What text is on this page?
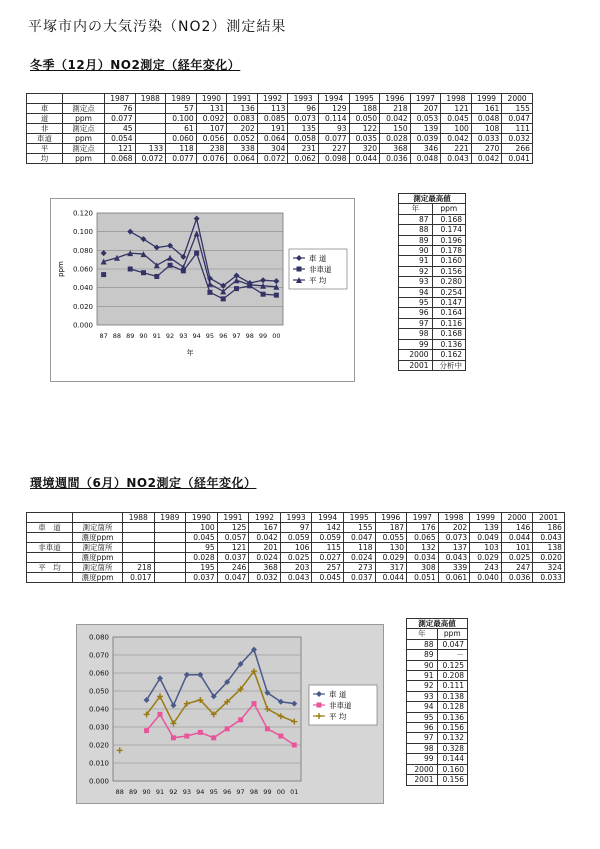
平塚市内の大気汚染（NO2）測定結果
冬季（12月）NO2測定（経年変化）
		1987	1988	1989	1990	1991	1992	1993	1994	1995	1996	1997	1998	1999	2000
車	測定点	76		57	131	136	113	96	129	188	218	207	121	161	155
道	ppm	0.077		0.100	0.092	0.083	0.085	0.073	0.114	0.050	0.042	0.053	0.045	0.048	0.047
非	測定点	45		61	107	202	191	135	93	122	150	139	100	108	111
車道	ppm	0.054		0.060	0.056	0.052	0.064	0.058	0.077	0.035	0.028	0.039	0.042	0.033	0.032
平	測定点	121	133	118	238	338	304	231	227	320	368	346	221	270	266
均	ppm	0.068	0.072	0.077	0.076	0.064	0.072	0.062	0.098	0.044	0.036	0.048	0.043	0.042	0.041
0.000
0.020
0.040
0.060
0.080
0.100
0.120
87 88 89 90 91 92 93 94 95 96 97 98 99 00
ppm
年
車 道
非車道
平 均
測定最高値	
年	ppm
87	0.168
88	0.174
89	0.196
90	0.178
91	0.160
92	0.156
93	0.280
94	0.254
95	0.147
96	0.164
97	0.116
98	0.168
99	0.136
2000	0.162
2001	分析中
環境週間（6月）NO2測定（経年変化）
		1988	1989	1990	1991	1992	1993	1994	1995	1996	1997	1998	1999	2000	2001
車　道	測定箇所			100	125	167	97	142	155	187	176	202	139	146	186
	濃度ppm			0.045	0.057	0.042	0.059	0.059	0.047	0.055	0.065	0.073	0.049	0.044	0.043
非車道	測定箇所			95	121	201	106	115	118	130	132	137	103	101	138
	濃度ppm			0.028	0.037	0.024	0.025	0.027	0.024	0.029	0.034	0.043	0.029	0.025	0.020
平　均	測定箇所	218		195	246	368	203	257	273	317	308	339	243	247	324
	濃度ppm	0.017		0.037	0.047	0.032	0.043	0.045	0.037	0.044	0.051	0.061	0.040	0.036	0.033
0.000
0.010
0.020
0.030
0.040
0.050
0.060
0.070
0.080
88 89 90 91 92 93 94 95 96 97 98 99 00 01
車 道
非車道
平 均
測定最高値	
年	ppm
88	0.047
89	－
90	0.125
91	0.208
92	0.111
93	0.138
94	0.128
95	0.136
96	0.156
97	0.132
98	0.328
99	0.144
2000	0.160
2001	0.156
